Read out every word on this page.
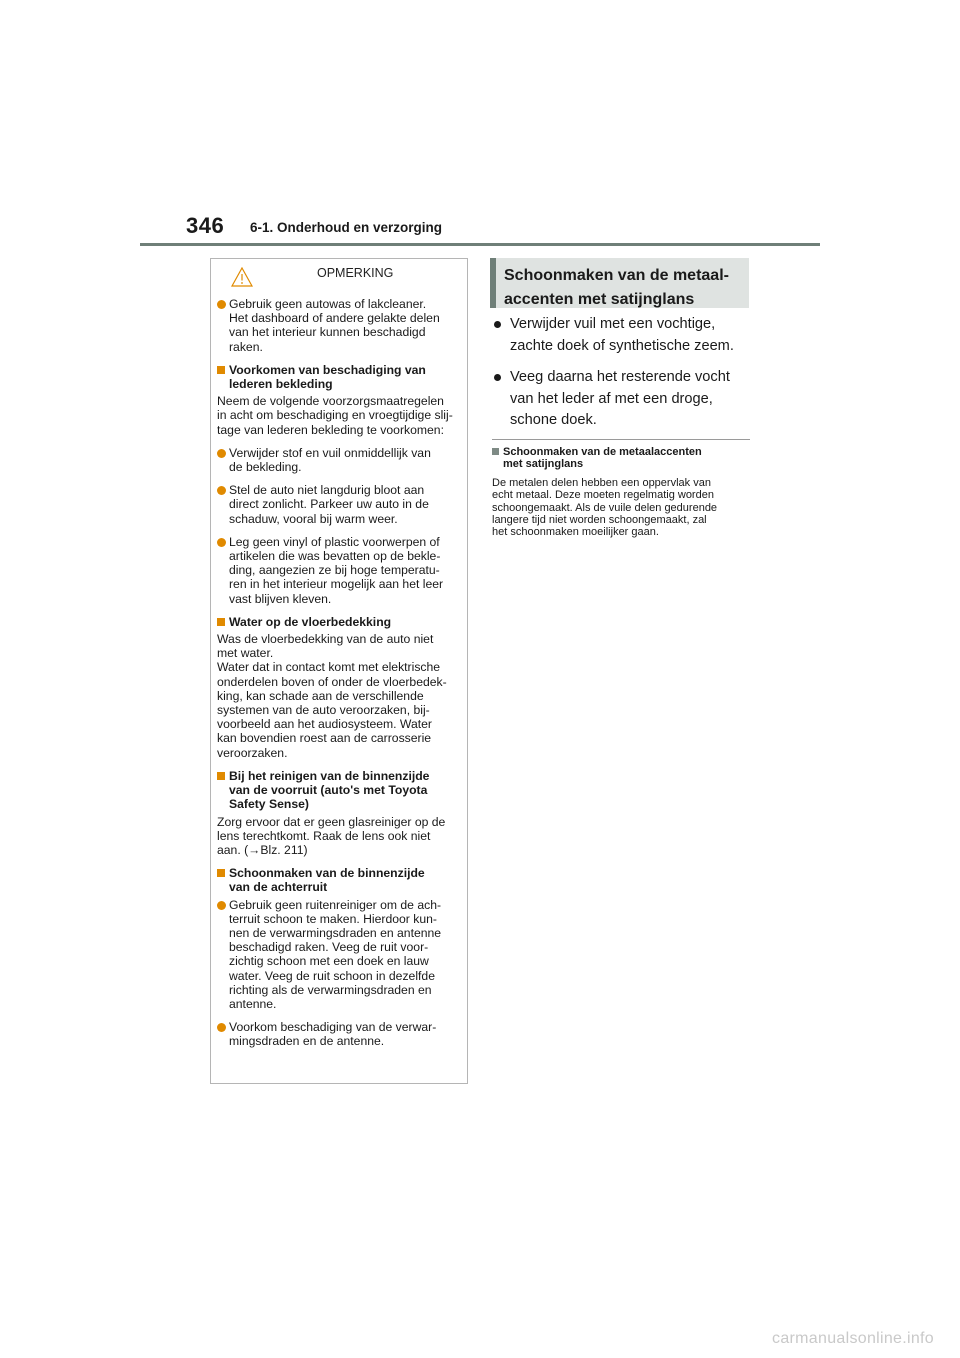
346 6-1. Onderhoud en verzorging
OPMERKING
Gebruik geen autowas of lakcleaner.
Het dashboard of andere gelakte delen
van het interieur kunnen beschadigd
raken.
Voorkomen van beschadiging van
lederen bekleding
Neem de volgende voorzorgsmaatregelen
in acht om beschadiging en vroegtijdige slij-
tage van lederen bekleding te voorkomen:
Verwijder stof en vuil onmiddellijk van
de bekleding.
Stel de auto niet langdurig bloot aan
direct zonlicht. Parkeer uw auto in de
schaduw, vooral bij warm weer.
Leg geen vinyl of plastic voorwerpen of
artikelen die was bevatten op de bekle-
ding, aangezien ze bij hoge temperatu-
ren in het interieur mogelijk aan het leer
vast blijven kleven.
Water op de vloerbedekking
Was de vloerbedekking van de auto niet
met water.
Water dat in contact komt met elektrische
onderdelen boven of onder de vloerbedek-
king, kan schade aan de verschillende
systemen van de auto veroorzaken, bij-
voorbeeld aan het audiosysteem. Water
kan bovendien roest aan de carrosserie
veroorzaken.
Bij het reinigen van de binnenzijde
van de voorruit (auto's met Toyota
Safety Sense)
Zorg ervoor dat er geen glasreiniger op de
lens terechtkomt. Raak de lens ook niet
aan. (→Blz. 211)
Schoonmaken van de binnenzijde
van de achterruit
Gebruik geen ruitenreiniger om de ach-
terruit schoon te maken. Hierdoor kun-
nen de verwarmingsdraden en antenne
beschadigd raken. Veeg de ruit voor-
zichtig schoon met een doek en lauw
water. Veeg de ruit schoon in dezelfde
richting als de verwarmingsdraden en
antenne.
Voorkom beschadiging van de verwar-
mingsdraden en de antenne.
Schoonmaken van de metaal-
accenten met satijnglans
Verwijder vuil met een vochtige,
zachte doek of synthetische zeem.
Veeg daarna het resterende vocht
van het leder af met een droge,
schone doek.
Schoonmaken van de metaalaccenten
met satijnglans
De metalen delen hebben een oppervlak van
echt metaal. Deze moeten regelmatig worden
schoongemaakt. Als de vuile delen gedurende
langere tijd niet worden schoongemaakt, zal
het schoonmaken moeilijker gaan.
carmanualsonline.info
